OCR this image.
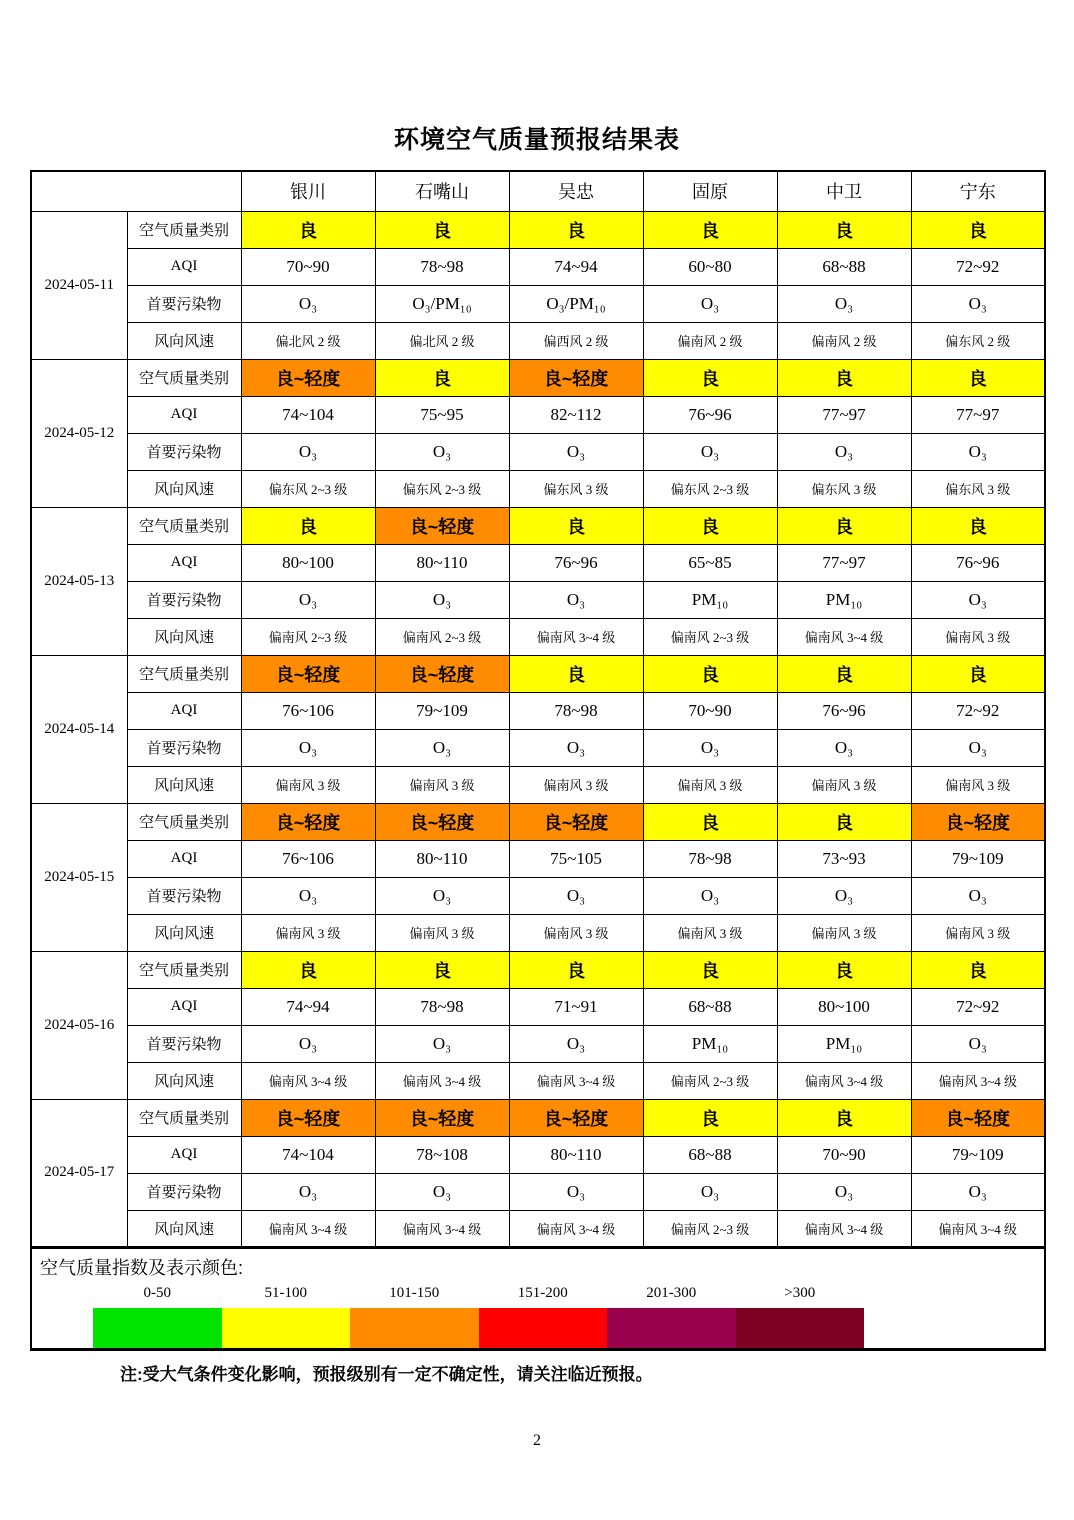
环境空气质量预报结果表
		银川	石嘴山	吴忠	固原	中卫	宁东
2024-05-11	空气质量类别	良	良	良	良	良	良
	AQI	70~90	78~98	74~94	60~80	68~88	72~92
	首要污染物	O₃	O₃/PM₁₀	O₃/PM₁₀	O₃	O₃	O₃
	风向风速	偏北风 2 级	偏北风 2 级	偏西风 2 级	偏南风 2 级	偏南风 2 级	偏东风 2 级
2024-05-12	空气质量类别	良~轻度	良	良~轻度	良	良	良
	AQI	74~104	75~95	82~112	76~96	77~97	77~97
	首要污染物	O₃	O₃	O₃	O₃	O₃	O₃
	风向风速	偏东风 2~3 级	偏东风 2~3 级	偏东风 3 级	偏东风 2~3 级	偏东风 3 级	偏东风 3 级
2024-05-13	空气质量类别	良	良~轻度	良	良	良	良
	AQI	80~100	80~110	76~96	65~85	77~97	76~96
	首要污染物	O₃	O₃	O₃	PM₁₀	PM₁₀	O₃
	风向风速	偏南风 2~3 级	偏南风 2~3 级	偏南风 3~4 级	偏南风 2~3 级	偏南风 3~4 级	偏南风 3 级
2024-05-14	空气质量类别	良~轻度	良~轻度	良	良	良	良
	AQI	76~106	79~109	78~98	70~90	76~96	72~92
	首要污染物	O₃	O₃	O₃	O₃	O₃	O₃
	风向风速	偏南风 3 级	偏南风 3 级	偏南风 3 级	偏南风 3 级	偏南风 3 级	偏南风 3 级
2024-05-15	空气质量类别	良~轻度	良~轻度	良~轻度	良	良	良~轻度
	AQI	76~106	80~110	75~105	78~98	73~93	79~109
	首要污染物	O₃	O₃	O₃	O₃	O₃	O₃
	风向风速	偏南风 3 级	偏南风 3 级	偏南风 3 级	偏南风 3 级	偏南风 3 级	偏南风 3 级
2024-05-16	空气质量类别	良	良	良	良	良	良
	AQI	74~94	78~98	71~91	68~88	80~100	72~92
	首要污染物	O₃	O₃	O₃	PM₁₀	PM₁₀	O₃
	风向风速	偏南风 3~4 级	偏南风 3~4 级	偏南风 3~4 级	偏南风 2~3 级	偏南风 3~4 级	偏南风 3~4 级
2024-05-17	空气质量类别	良~轻度	良~轻度	良~轻度	良	良	良~轻度
	AQI	74~104	78~108	80~110	68~88	70~90	79~109
	首要污染物	O₃	O₃	O₃	O₃	O₃	O₃
	风向风速	偏南风 3~4 级	偏南风 3~4 级	偏南风 3~4 级	偏南风 2~3 级	偏南风 3~4 级	偏南风 3~4 级

空气质量指数及表示颜色:
0-50	51-100	101-150	151-200	201-300	>300
注:受大气条件变化影响，预报级别有一定不确定性，请关注临近预报。
2
